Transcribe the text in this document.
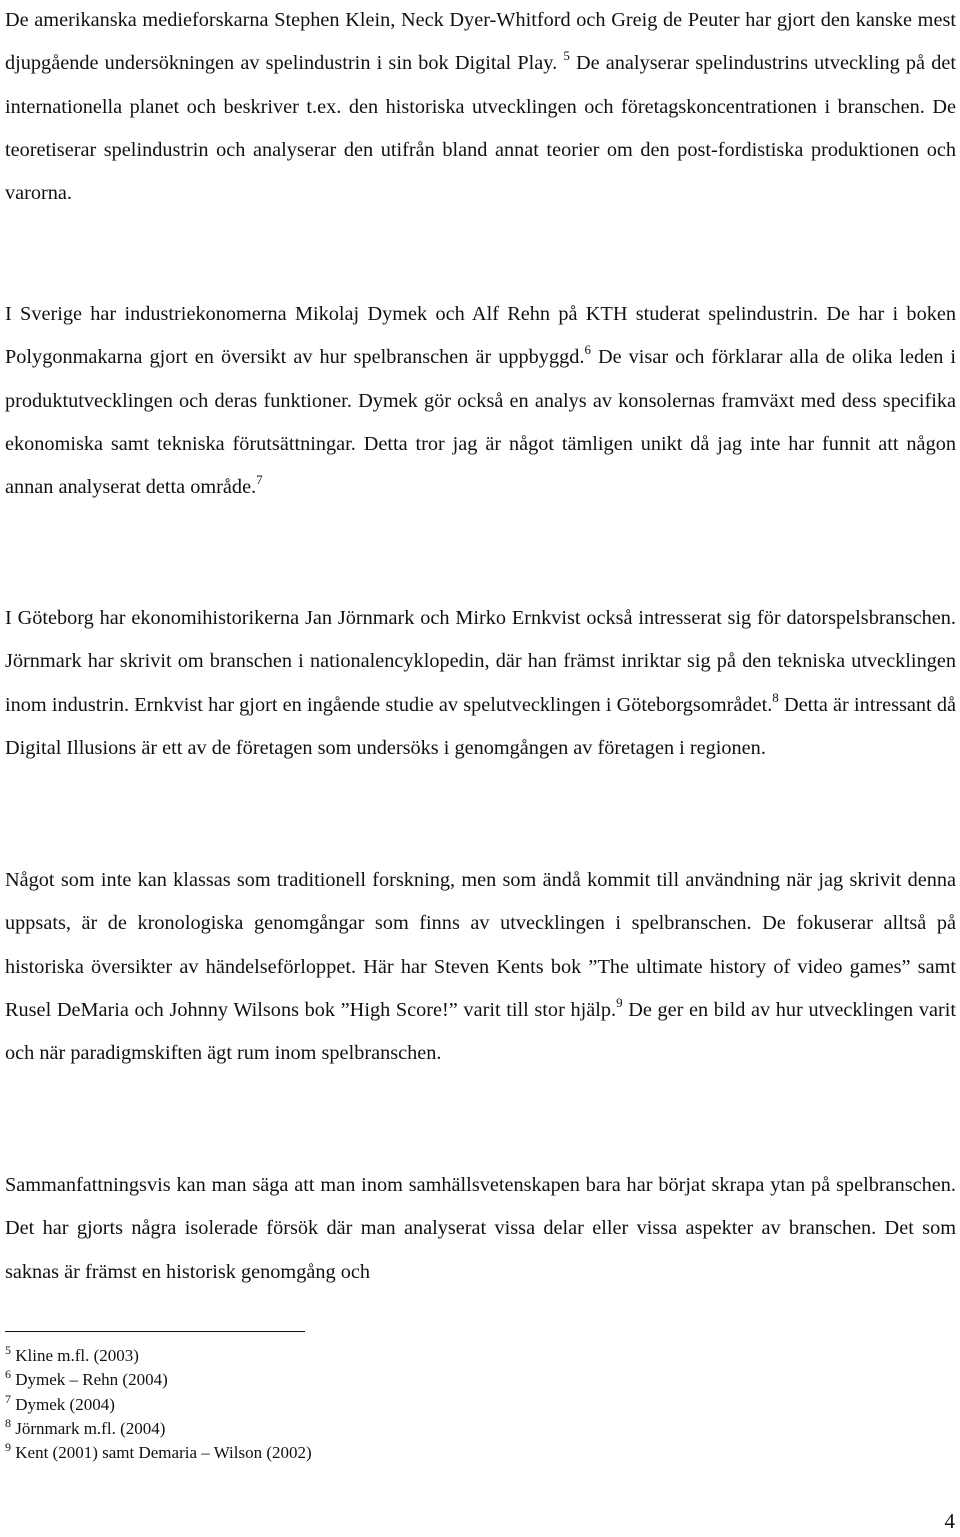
De amerikanska medieforskarna Stephen Klein, Neck Dyer-Whitford och Greig de Peuter har gjort den kanske mest djupgående undersökningen av spelindustrin i sin bok Digital Play. $^5$ De analyserar spelindustrins utveckling på det internationella planet och beskriver t.ex. den historiska utvecklingen och företagskoncentrationen i branschen. De teoretiserar spelindustrin och analyserar den utifrån bland annat teorier om den post-fordistiska produktionen och varorna.

I Sverige har industriekonomerna Mikolaj Dymek och Alf Rehn på KTH studerat spelindustrin. De har i boken Polygonmakarna gjort en översikt av hur spelbranschen är uppbyggd.$^6$ De visar och förklarar alla de olika leden i produktutvecklingen och deras funktioner. Dymek gör också en analys av konsolernas framväxt med dess specifika ekonomiska samt tekniska förutsättningar. Detta tror jag är något tämligen unikt då jag inte har funnit att någon annan analyserat detta område.$^7$

I Göteborg har ekonomihistorikerna Jan Jörnmark och Mirko Ernkvist också intresserat sig för datorspelsbranschen. Jörnmark har skrivit om branschen i nationalencyklopedin, där han främst inriktar sig på den tekniska utvecklingen inom industrin. Ernkvist har gjort en ingående studie av spelutvecklingen i Göteborgsområdet.$^8$ Detta är intressant då Digital Illusions är ett av de företagen som undersöks i genomgången av företagen i regionen.

Något som inte kan klassas som traditionell forskning, men som ändå kommit till användning när jag skrivit denna uppsats, är de kronologiska genomgångar som finns av utvecklingen i spelbranschen. De fokuserar alltså på historiska översikter av händelseförloppet. Här har Steven Kents bok ”The ultimate history of video games” samt Rusel DeMaria och Johnny Wilsons bok ”High Score!” varit till stor hjälp.$^9$ De ger en bild av hur utvecklingen varit och när paradigmskiften ägt rum inom spelbranschen.

Sammanfattningsvis kan man säga att man inom samhällsvetenskapen bara har börjat skrapa ytan på spelbranschen. Det har gjorts några isolerade försök där man analyserat vissa delar eller vissa aspekter av branschen. Det som saknas är främst en historisk genomgång och

$^5$ Kline m.fl. (2003)
$^6$ Dymek – Rehn (2004)
$^7$ Dymek (2004)
$^8$ Jörnmark m.fl. (2004)
$^9$ Kent (2001) samt Demaria – Wilson (2002)
4
